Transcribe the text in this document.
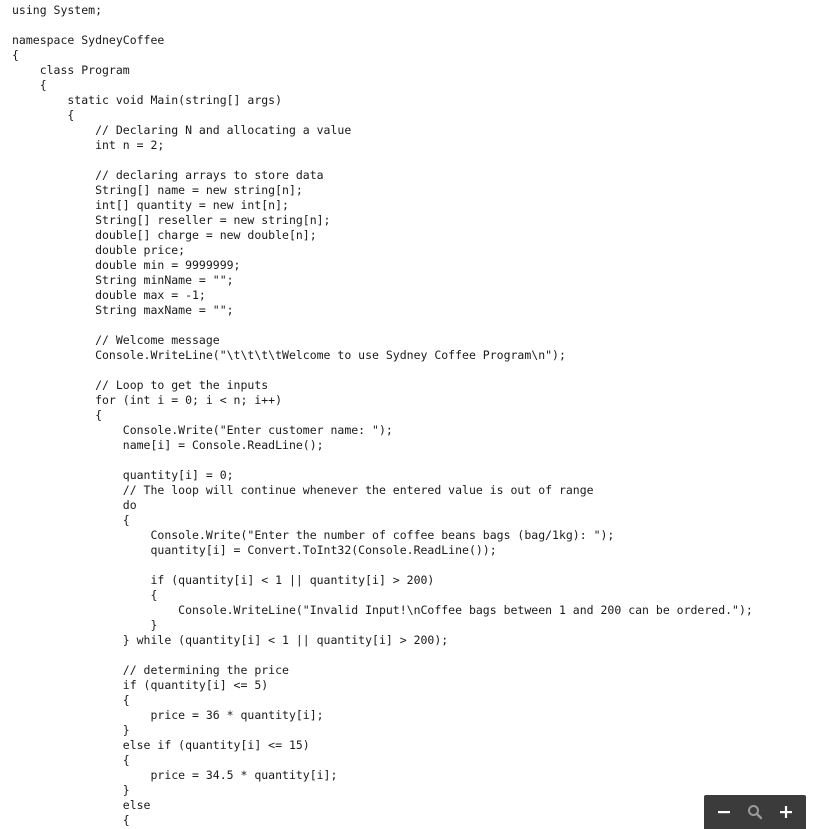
using System;
namespace SydneyCoffee
{
class Program
{
static void Main(string[] args)
{
// Declaring N and allocating a value
int n = 2;
// declaring arrays to store data
String[] name = new string[n];
int[] quantity = new int[n];
String[] reseller = new string[n];
double[] charge = new double[n];
double price;
double min = 9999999;
String minName = "";
double max = -1;
String maxName = "";
// Welcome message
Console.WriteLine("\t\t\t\tWelcome to use Sydney Coffee Program\n");
// Loop to get the inputs
for (int i = 0; i < n; i++)
{
Console.Write("Enter customer name: ");
name[i] = Console.ReadLine();
quantity[i] = 0;
// The loop will continue whenever the entered value is out of range
do
{
Console.Write("Enter the number of coffee beans bags (bag/1kg): ");
quantity[i] = Convert.ToInt32(Console.ReadLine());
if (quantity[i] < 1 || quantity[i] > 200)
{
Console.WriteLine("Invalid Input!\nCoffee bags between 1 and 200 can be ordered.");
}
} while (quantity[i] < 1 || quantity[i] > 200);
// determining the price
if (quantity[i] <= 5)
{
price = 36 * quantity[i];
}
else if (quantity[i] <= 15)
{
price = 34.5 * quantity[i];
}
else
{
